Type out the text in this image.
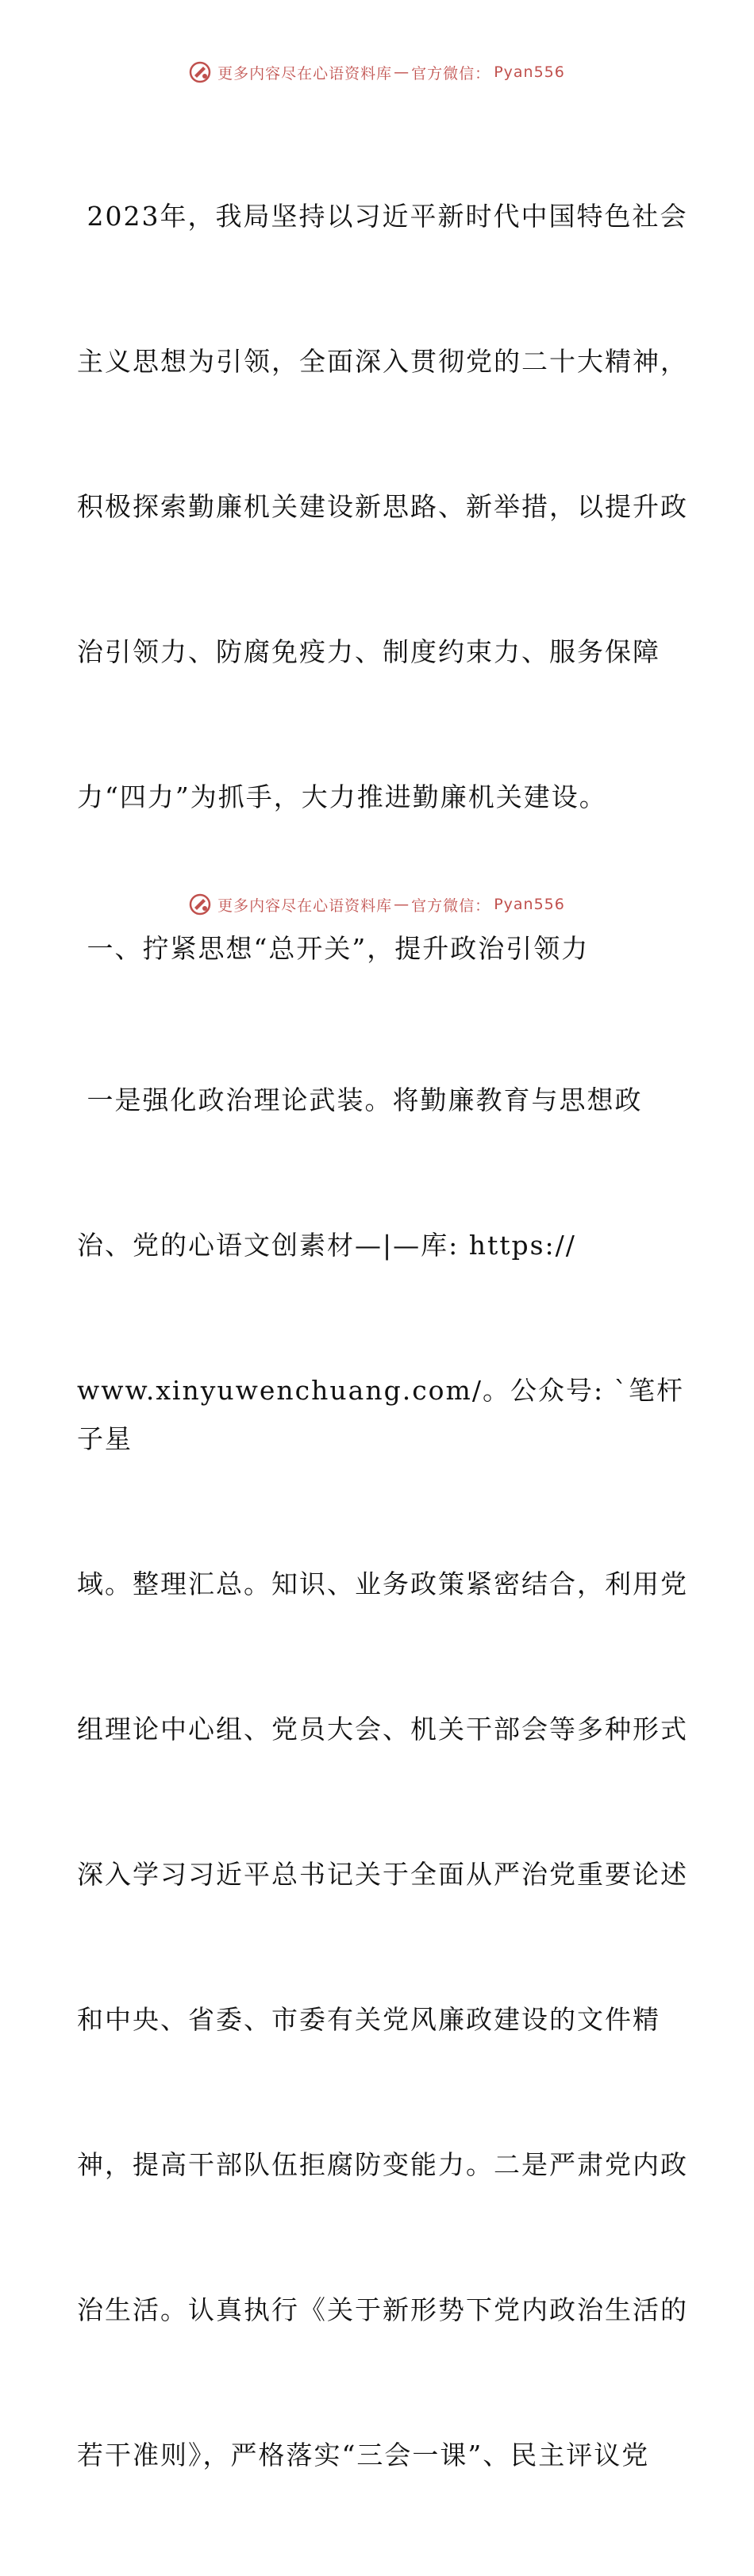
更多内容尽在心语资料库 — 官方微信： Pyan556

2023年，我局坚持以习近平新时代中国特色社会

主义思想为引领，全面深入贯彻党的二十大精神，

积极探索勤廉机关建设新思路、新举措，以提升政

治引领力、防腐免疫力、制度约束力、服务保障

力“四力”为抓手，大力推进勤廉机关建设。

一、拧紧思想“总开关”，提升政治引领力

一是强化政治理论武装。将勤廉教育与思想政

治、党的心语文创素材—|—库: https://

www.xinyuwenchuang.com/。公众号: `笔杆子星

域。整理汇总。知识、业务政策紧密结合，利用党

组理论中心组、党员大会、机关干部会等多种形式

深入学习习近平总书记关于全面从严治党重要论述

和中央、省委、市委有关党风廉政建设的文件精

神，提高干部队伍拒腐防变能力。二是严肃党内政

治生活。认真执行《关于新形势下党内政治生活的

若干准则》，严格落实“三会一课”、民主评议党

更多内容尽在心语资料库 — 官方微信： Pyan556
